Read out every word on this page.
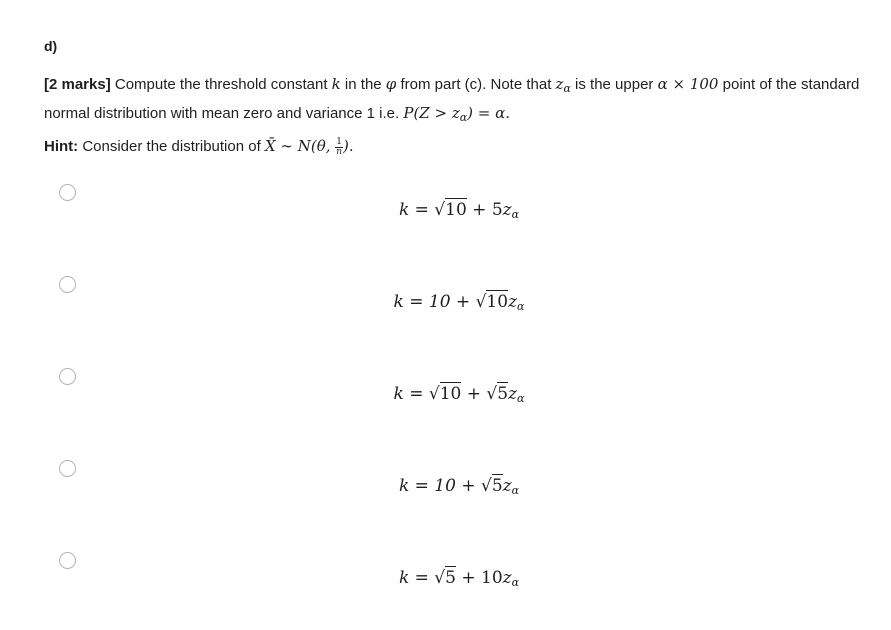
d)
[2 marks] Compute the threshold constant k in the φ from part (c). Note that $z_\alpha$ is the upper α × 100 point of the standard normal distribution with mean zero and variance 1 i.e. $P(Z > z_\alpha) = \alpha$.
Hint: Consider the distribution of X̄ ∼ N(θ, $\frac{1}{n}$ ).
$k = √10 + 5z_\alpha$
$k = 10 + √10z_\alpha$
$k = √10 + √5z_\alpha$
$k = 10 + √5z_\alpha$
$k = √5 + 10z_\alpha$
